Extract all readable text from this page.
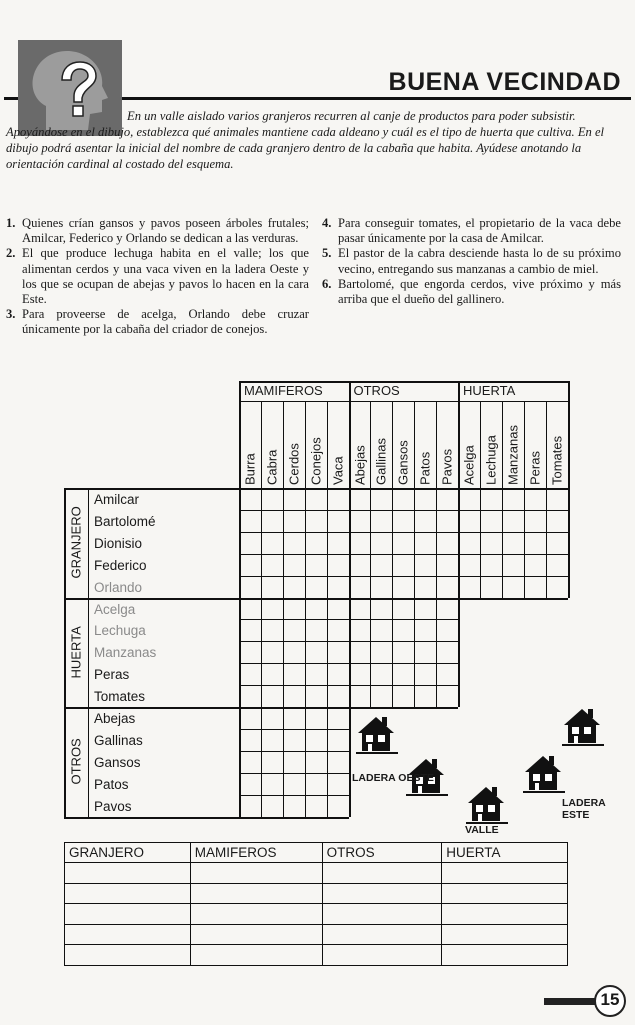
BUENA VECINDAD
En un valle aislado varios granjeros recurren al canje de productos para poder subsistir. Apoyándose en el dibujo, establezca qué animales mantiene cada aldeano y cuál es el tipo de huerta que cultiva. En el dibujo podrá asentar la inicial del nombre de cada granjero dentro de la cabaña que habita. Ayúdese anotando la orientación cardinal al costado del esquema.
1. Quienes crían gansos y pavos poseen árboles frutales; Amilcar, Federico y Orlando se dedican a las verduras.
2. El que produce lechuga habita en el valle; los que alimentan cerdos y una vaca viven en la ladera Oeste y los que se ocupan de abejas y pavos lo hacen en la cara Este.
3. Para proveerse de acelga, Orlando debe cruzar únicamente por la cabaña del criador de conejos.
4. Para conseguir tomates, el propietario de la vaca debe pasar únicamente por la casa de Amilcar.
5. El pastor de la cabra desciende hasta lo de su próximo vecino, entregando sus manzanas a cambio de miel.
6. Bartolomé, que engorda cerdos, vive próximo y más arriba que el dueño del gallinero.
MAMIFEROS	OTROS	HUERTA
Burra Cabra Cerdos Conejos Vaca Abejas Gallinas Gansos Patos Pavos Acelga Lechuga Manzanas Peras Tomates
GRANJERO
Amilcar
Bartolomé
Dionisio
Federico
Orlando
HUERTA
Acelga
Lechuga
Manzanas
Peras
Tomates
OTROS
Abejas
Gallinas
Gansos
Patos
Pavos
LADERA OESTE
VALLE
LADERA ESTE
GRANJERO	MAMIFEROS	OTROS	HUERTA

15
